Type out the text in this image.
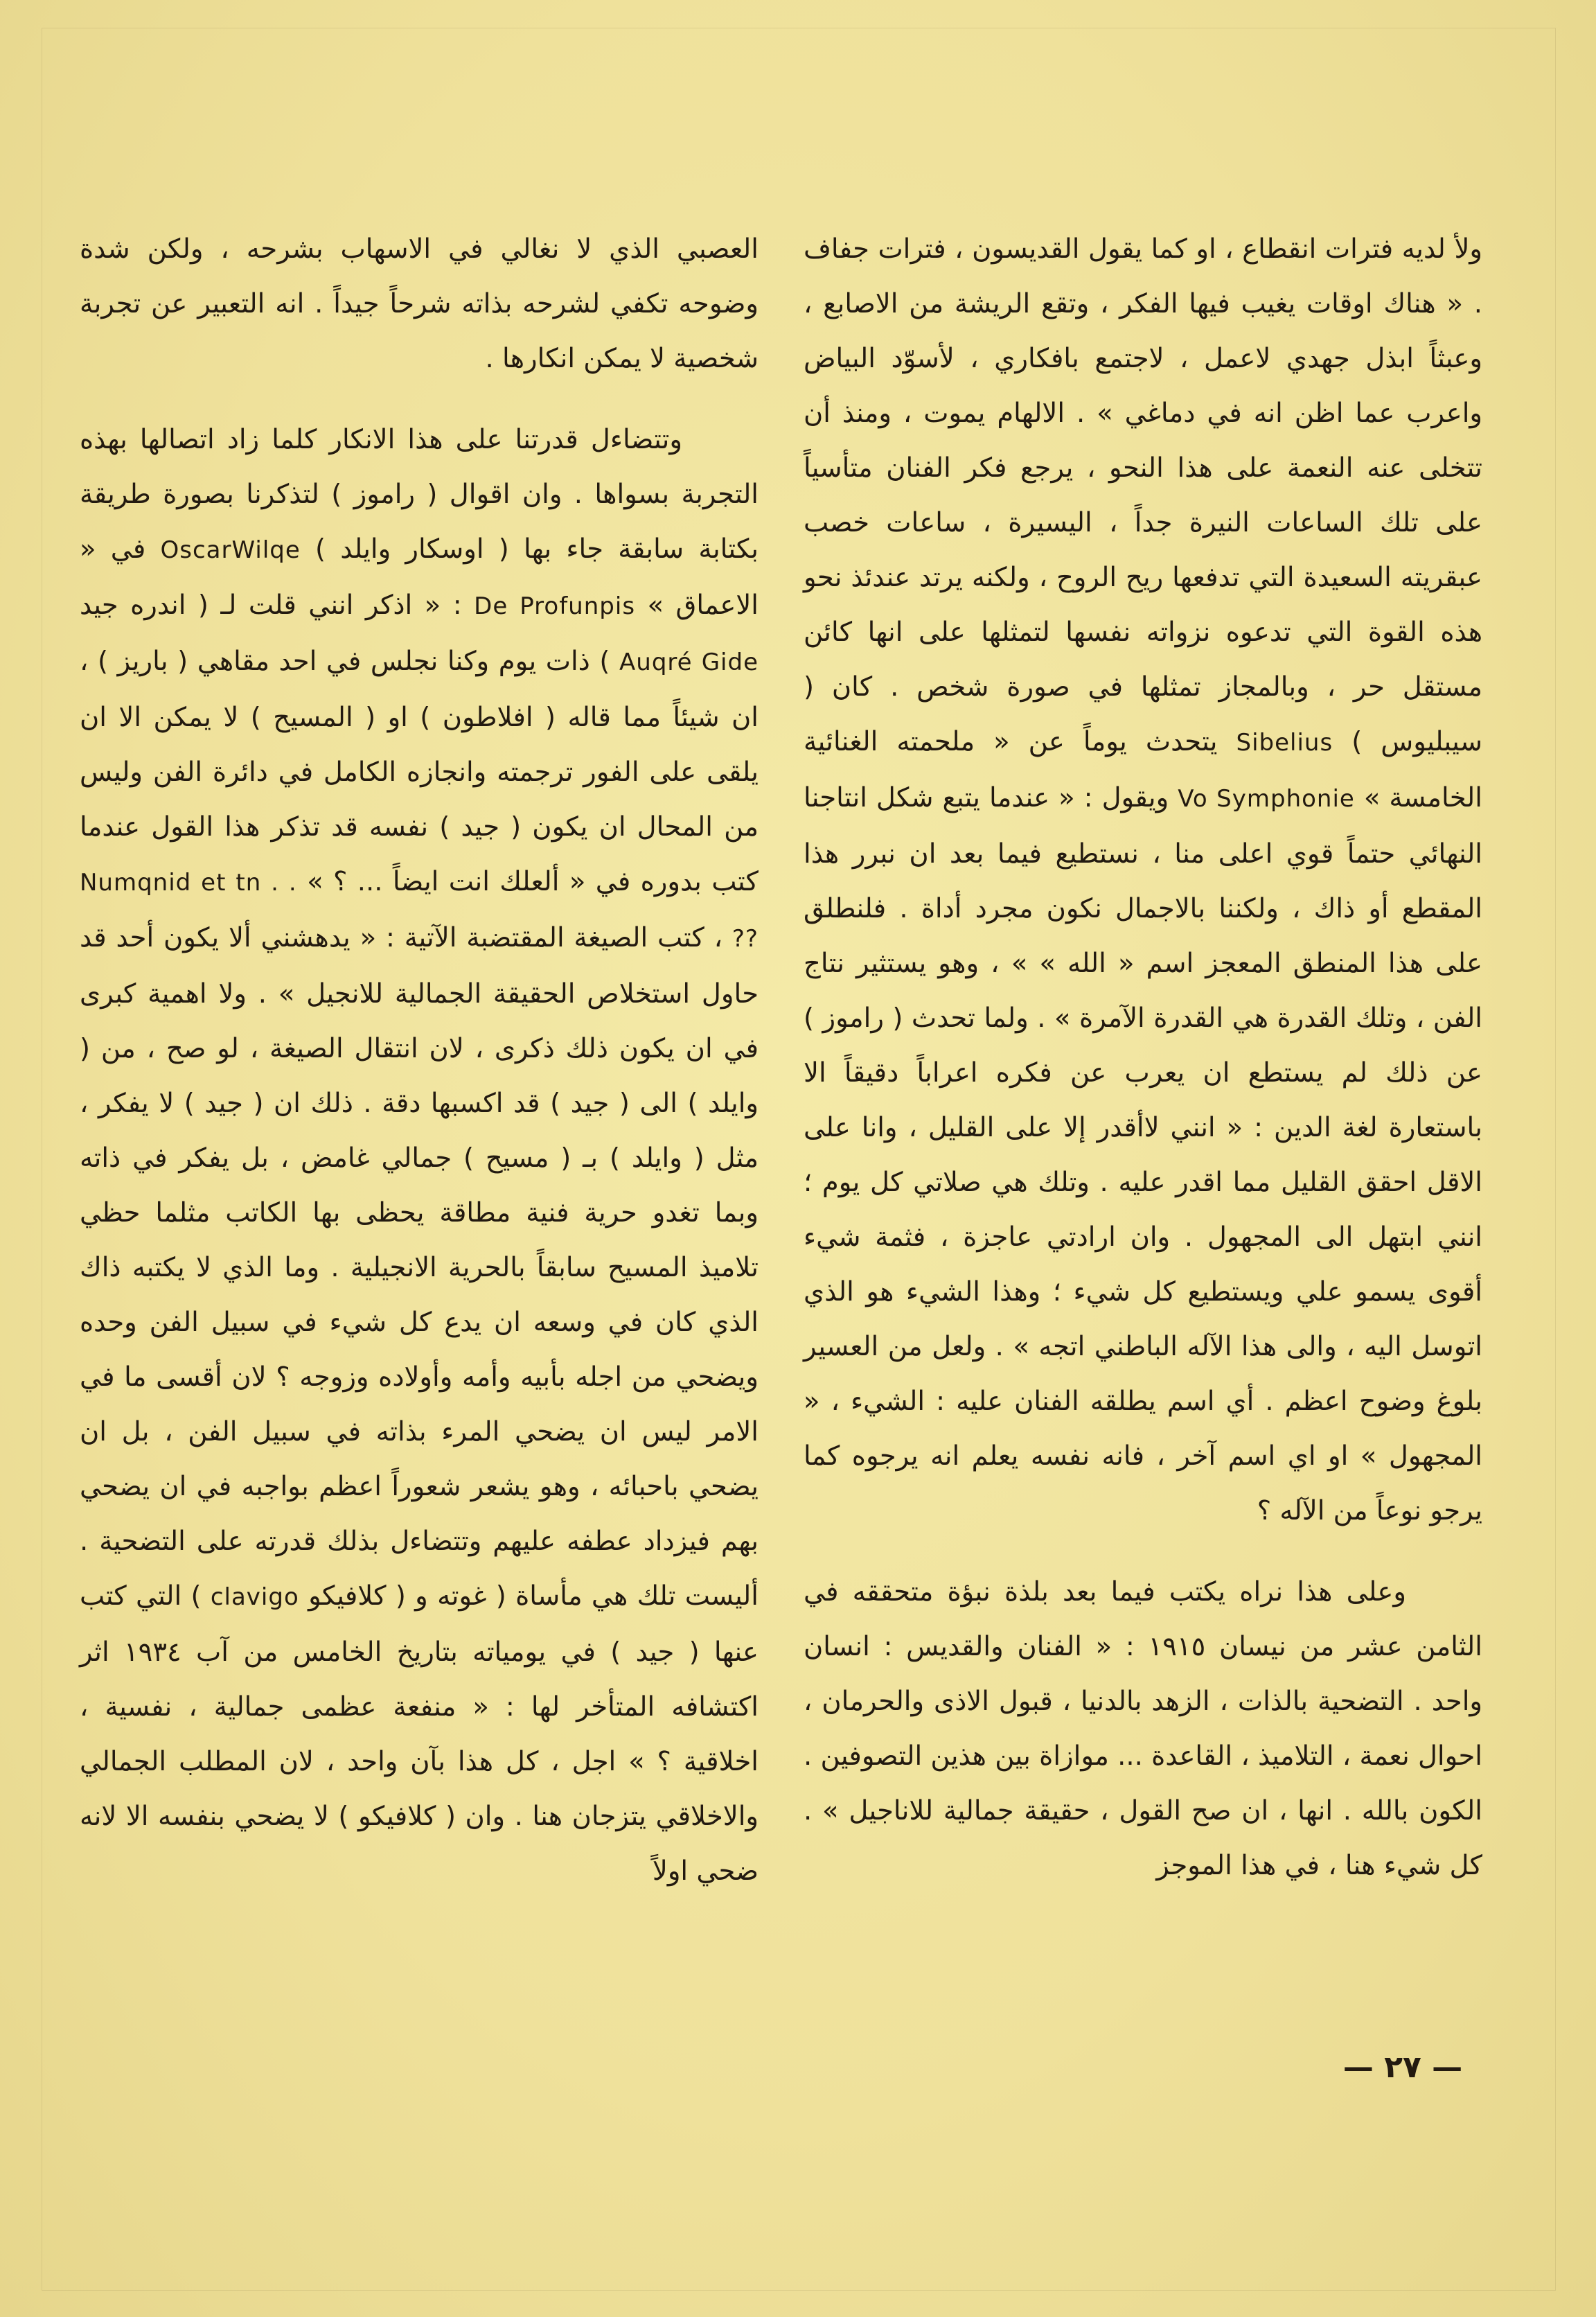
ولأ لديه فترات انقطاع ، او كما يقول القديسون ، فترات جفاف . « هناك اوقات يغيب فيها الفكر ، وتقع الريشة من الاصابع ، وعبثاً ابذل جهدي لاعمل ، لاجتمع بافكاري ، لأسوّد البياض واعرب عما اظن انه في دماغي » . الالهام يموت ، ومنذ أن تتخلى عنه النعمة على هذا النحو ، يرجع فكر الفنان متأسياً على تلك الساعات النيرة جداً ، اليسيرة ، ساعات خصب عبقريته السعيدة التي تدفعها ريح الروح ، ولكنه يرتد عندئذ نحو هذه القوة التي تدعوه نزواته نفسها لتمثلها على انها كائن مستقل حر ، وبالمجاز تمثلها في صورة شخص . كان ( سيبليوس ) Sibelius يتحدث يوماً عن « ملحمته الغنائية الخامسة » Vo Symphonie ويقول : « عندما يتبع شكل انتاجنا النهائي حتماً قوي اعلى منا ، نستطيع فيما بعد ان نبرر هذا المقطع أو ذاك ، ولكننا بالاجمال نكون مجرد أداة . فلنطلق على هذا المنطق المعجز اسم « الله » » ، وهو يستثير نتاج الفن ، وتلك القدرة هي القدرة الآمرة » . ولما تحدث ( راموز ) عن ذلك لم يستطع ان يعرب عن فكره اعراباً دقيقاً الا باستعارة لغة الدين : « انني لاأقدر إلا على القليل ، وانا على الاقل احقق القليل مما اقدر عليه . وتلك هي صلاتي كل يوم ؛ انني ابتهل الى المجهول . وان ارادتي عاجزة ، فثمة شيء أقوى يسمو علي ويستطيع كل شيء ؛ وهذا الشيء هو الذي اتوسل اليه ، والى هذا الآله الباطني اتجه » . ولعل من العسير بلوغ وضوح اعظم . أي اسم يطلقه الفنان عليه : الشيء ، « المجهول » او اي اسم آخر ، فانه نفسه يعلم انه يرجوه كما يرجو نوعاً من الآله ؟

وعلى هذا نراه يكتب فيما بعد بلذة نبؤة متحققه في الثامن عشر من نيسان ١٩١٥ : « الفنان والقديس : انسان واحد . التضحية بالذات ، الزهد بالدنيا ، قبول الاذى والحرمان ، احوال نعمة ، التلاميذ ، القاعدة ... موازاة بين هذين التصوفين . الكون بالله . انها ، ان صح القول ، حقيقة جمالية للاناجيل » . كل شيء هنا ، في هذا الموجز

العصبي الذي لا نغالي في الاسهاب بشرحه ، ولكن شدة وضوحه تكفي لشرحه بذاته شرحاً جيداً . انه التعبير عن تجربة شخصية لا يمكن انكارها .

وتتضاءل قدرتنا على هذا الانكار كلما زاد اتصالها بهذه التجربة بسواها . وان اقوال ( راموز ) لتذكرنا بصورة طريقة بكتابة سابقة جاء بها ( اوسكار وايلد ) OscarWilqe في « الاعماق » De Profunpis : « اذكر انني قلت لـ ( اندره جيد Auqré Gide ) ذات يوم وكنا نجلس في احد مقاهي ( باريز ) ، ان شيئاً مما قاله ( افلاطون ) او ( المسيح ) لا يمكن الا ان يلقى على الفور ترجمته وانجازه الكامل في دائرة الفن وليس من المحال ان يكون ( جيد ) نفسه قد تذكر هذا القول عندما كتب بدوره في « ألعلك انت ايضاً ... ؟ » Numqnid et tn . . ?? ، كتب الصيغة المقتضبة الآتية : « يدهشني ألا يكون أحد قد حاول استخلاص الحقيقة الجمالية للانجيل » . ولا اهمية كبرى في ان يكون ذلك ذكرى ، لان انتقال الصيغة ، لو صح ، من ( وايلد ) الى ( جيد ) قد اكسبها دقة . ذلك ان ( جيد ) لا يفكر ، مثل ( وايلد ) بـ ( مسيح ) جمالي غامض ، بل يفكر في ذاته وبما تغدو حرية فنية مطاقة يحظى بها الكاتب مثلما حظي تلاميذ المسيح سابقاً بالحرية الانجيلية . وما الذي لا يكتبه ذاك الذي كان في وسعه ان يدع كل شيء في سبيل الفن وحده ويضحي من اجله بأبيه وأمه وأولاده وزوجه ؟ لان أقسى ما في الامر ليس ان يضحي المرء بذاته في سبيل الفن ، بل ان يضحي باحبائه ، وهو يشعر شعوراً اعظم بواجبه في ان يضحي بهم فيزداد عطفه عليهم وتتضاءل بذلك قدرته على التضحية . أليست تلك هي مأساة ( غوته و ( كلافيكو clavigo ) التي كتب عنها ( جيد ) في يومياته بتاريخ الخامس من آب ١٩٣٤ اثر اكتشافه المتأخر لها : « منفعة عظمى جمالية ، نفسية ، اخلاقية ؟ » اجل ، كل هذا بآن واحد ، لان المطلب الجمالي والاخلاقي يتزجان هنا . وان ( كلافيكو ) لا يضحي بنفسه الا لانه ضحي اولاً

— ٢٧ —
